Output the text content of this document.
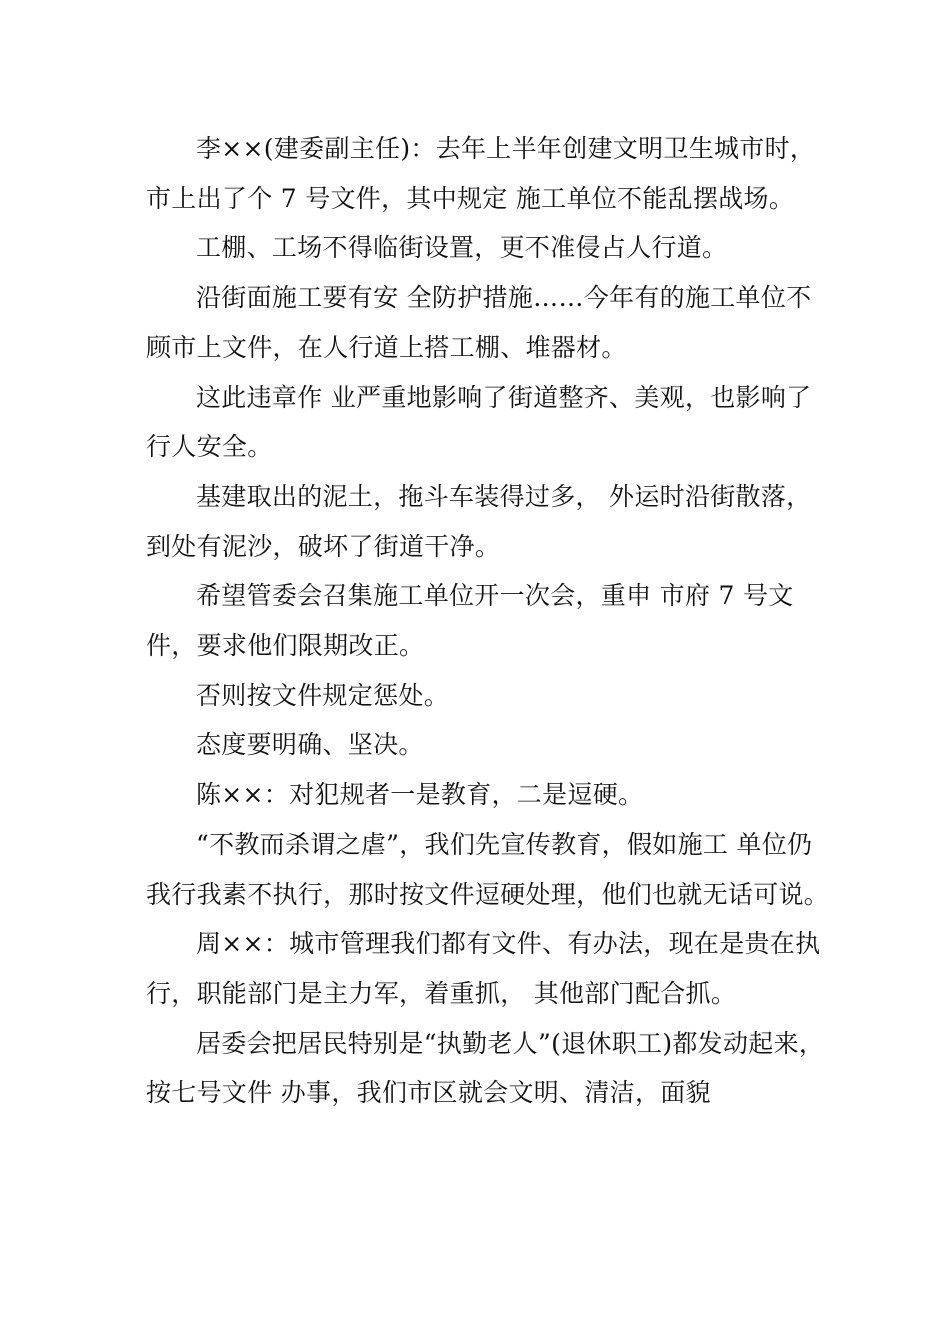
李××(建委副主任)：去年上半年创建文明卫生城市时，市上出了个 7 号文件，其中规定 施工单位不能乱摆战场。

工棚、工场不得临街设置，更不准侵占人行道。

沿街面施工要有安 全防护措施……今年有的施工单位不顾市上文件，在人行道上搭工棚、堆器材。

这此违章作 业严重地影响了街道整齐、美观，也影响了行人安全。

基建取出的泥土，拖斗车装得过多， 外运时沿街散落，到处有泥沙，破坏了街道干净。

希望管委会召集施工单位开一次会，重申 市府 7 号文件，要求他们限期改正。

否则按文件规定惩处。

态度要明确、坚决。

陈××：对犯规者一是教育，二是逗硬。

“不教而杀谓之虐”，我们先宣传教育，假如施工 单位仍我行我素不执行，那时按文件逗硬处理，他们也就无话可说。

周××：城市管理我们都有文件、有办法，现在是贵在执行，职能部门是主力军，着重抓， 其他部门配合抓。

居委会把居民特别是“执勤老人”(退休职工)都发动起来，按七号文件 办事，我们市区就会文明、清洁，面貌
